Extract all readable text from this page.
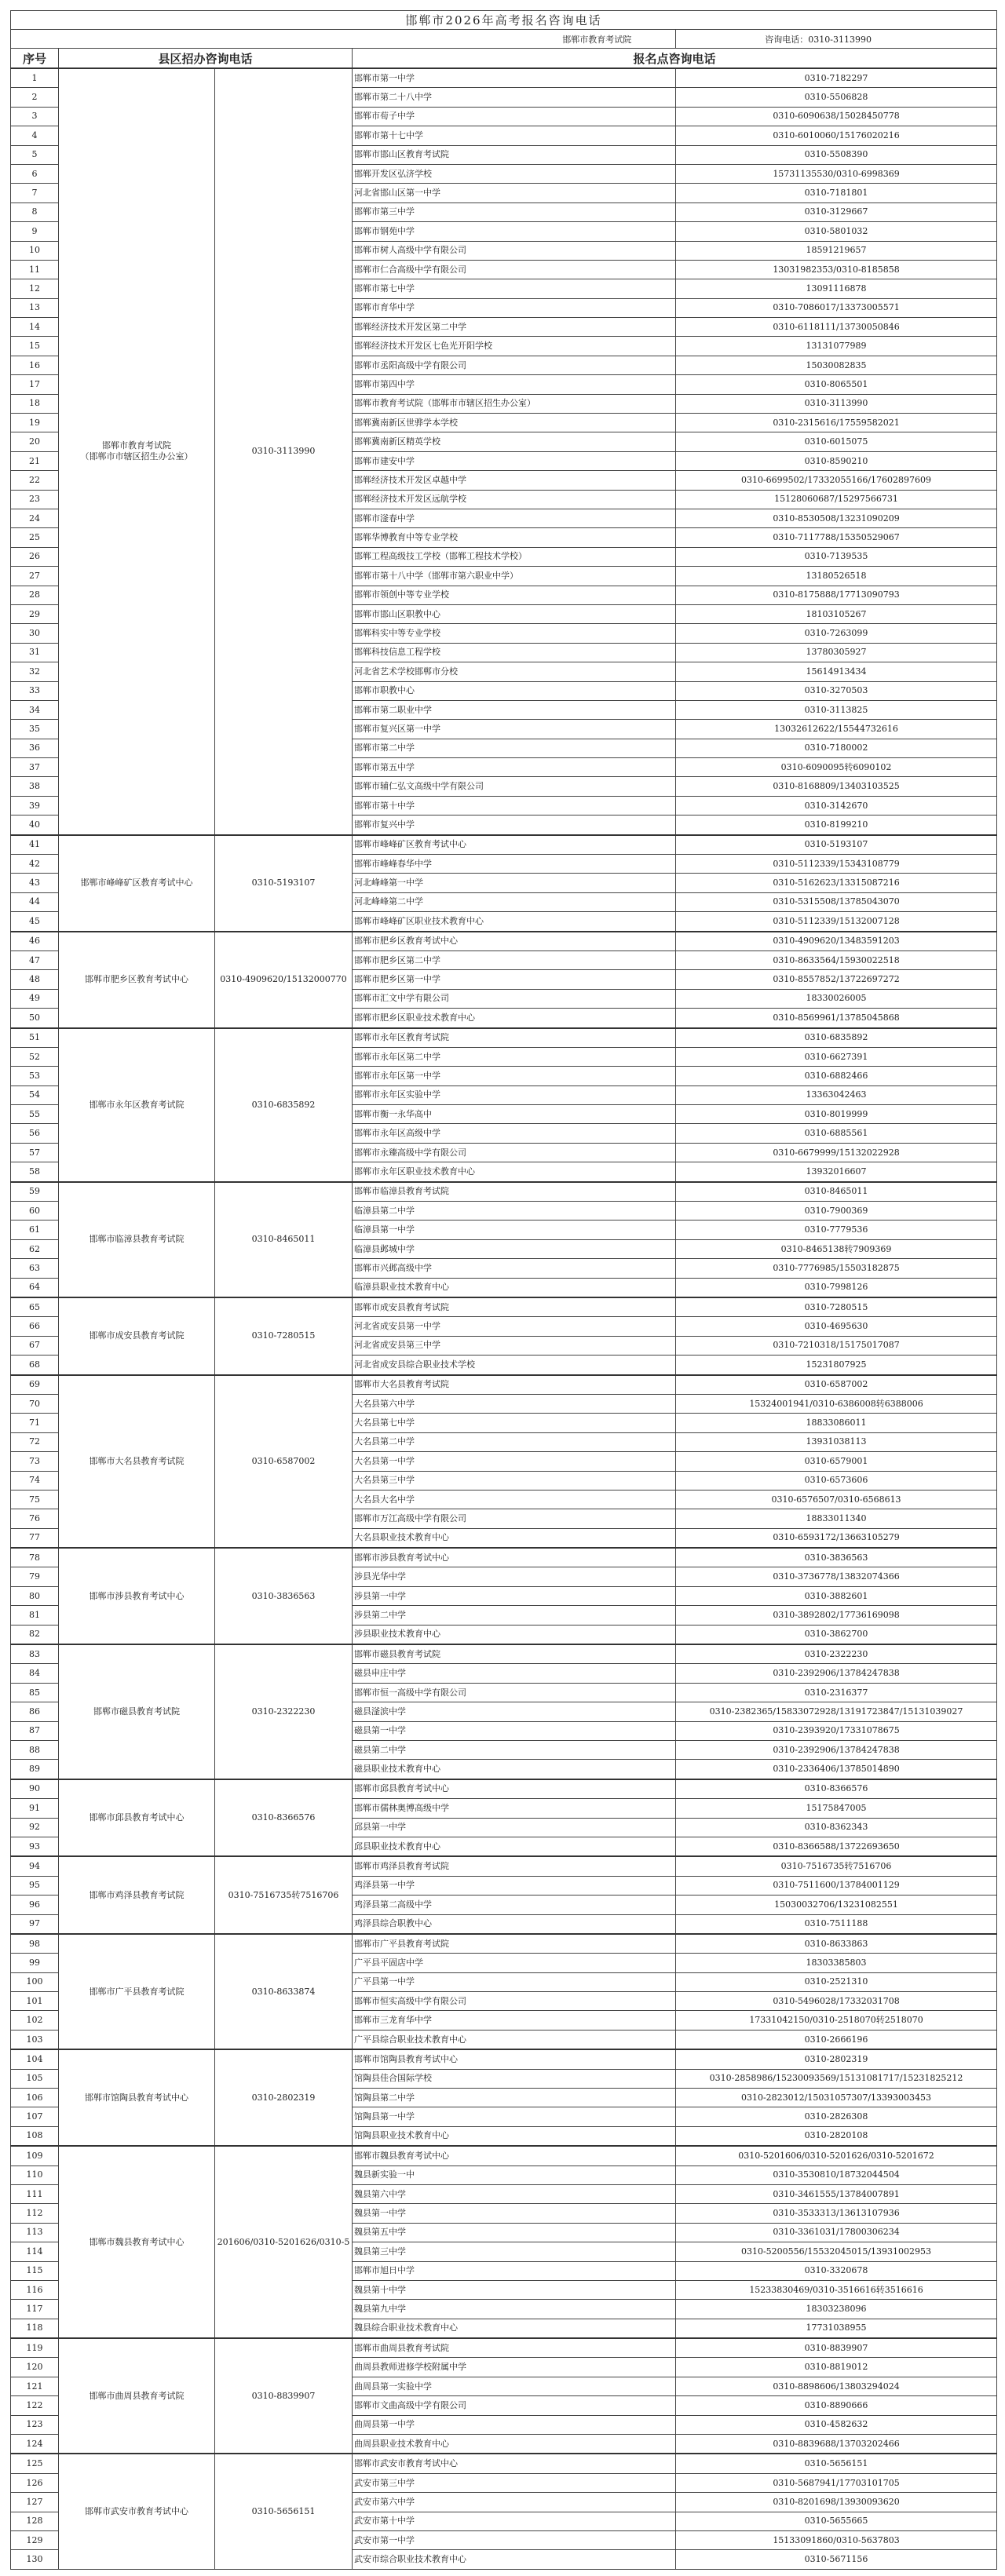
邯郸市2026年高考报名咨询电话				
邯郸市教育考试院 咨询电话：0310-3113990				
序号	县区招办咨询电话		报名点咨询电话	
1	邯郸市教育考试院
（邯郸市市辖区招生办公室）	0310-3113990	邯郸市第一中学	0310-7182297
2			邯郸市第二十八中学	0310-5506828
3			邯郸市荀子中学	0310-6090638/15028450778
4			邯郸市第十七中学	0310-6010060/15176020216
5			邯郸市邯山区教育考试院	0310-5508390
6			邯郸开发区弘济学校	15731135530/0310-6998369
7			河北省邯山区第一中学	0310-7181801
8			邯郸市第三中学	0310-3129667
9			邯郸市钢苑中学	0310-5801032
10			邯郸市树人高级中学有限公司	18591219657
11			邯郸市仁合高级中学有限公司	13031982353/0310-8185858
12			邯郸市第七中学	13091116878
13			邯郸市育华中学	0310-7086017/13373005571
14			邯郸经济技术开发区第二中学	0310-6118111/13730050846
15			邯郸经济技术开发区七色光开阳学校	13131077989
16			邯郸市丞阳高级中学有限公司	15030082835
17			邯郸市第四中学	0310-8065501
18			邯郸市教育考试院（邯郸市市辖区招生办公室）	0310-3113990
19			邯郸冀南新区世骅学本学校	0310-2315616/17559582021
20			邯郸冀南新区精英学校	0310-6015075
21			邯郸市建安中学	0310-8590210
22			邯郸经济技术开发区卓越中学	0310-6699502/17332055166/17602897609
23			邯郸经济技术开发区远航学校	15128060687/15297566731
24			邯郸市滏春中学	0310-8530508/13231090209
25			邯郸华博教育中等专业学校	0310-7117788/15350529067
26			邯郸工程高级技工学校（邯郸工程技术学校）	0310-7139535
27			邯郸市第十八中学（邯郸市第六职业中学）	13180526518
28			邯郸市领创中等专业学校	0310-8175888/17713090793
29			邯郸市邯山区职教中心	18103105267
30			邯郸科实中等专业学校	0310-7263099
31			邯郸科技信息工程学校	13780305927
32			河北省艺术学校邯郸市分校	15614913434
33			邯郸市职教中心	0310-3270503
34			邯郸市第二职业中学	0310-3113825
35			邯郸市复兴区第一中学	13032612622/15544732616
36			邯郸市第二中学	0310-7180002
37			邯郸市第五中学	0310-6090095转6090102
38			邯郸市辅仁弘文高级中学有限公司	0310-8168809/13403103525
39			邯郸市第十中学	0310-3142670
40			邯郸市复兴中学	0310-8199210
41	邯郸市峰峰矿区教育考试中心	0310-5193107	邯郸市峰峰矿区教育考试中心	0310-5193107
42			邯郸市峰峰春华中学	0310-5112339/15343108779
43			河北峰峰第一中学	0310-5162623/13315087216
44			河北峰峰第二中学	0310-5315508/13785043070
45			邯郸市峰峰矿区职业技术教育中心	0310-5112339/15132007128
46	邯郸市肥乡区教育考试中心	0310-4909620/15132000770	邯郸市肥乡区教育考试中心	0310-4909620/13483591203
47			邯郸市肥乡区第二中学	0310-8633564/15930022518
48			邯郸市肥乡区第一中学	0310-8557852/13722697272
49			邯郸市汇文中学有限公司	18330026005
50			邯郸市肥乡区职业技术教育中心	0310-8569961/13785045868
51	邯郸市永年区教育考试院	0310-6835892	邯郸市永年区教育考试院	0310-6835892
52			邯郸市永年区第二中学	0310-6627391
53			邯郸市永年区第一中学	0310-6882466
54			邯郸市永年区实验中学	13363042463
55			邯郸市衡一永华高中	0310-8019999
56			邯郸市永年区高级中学	0310-6885561
57			邯郸市永臻高级中学有限公司	0310-6679999/15132022928
58			邯郸市永年区职业技术教育中心	13932016607
59	邯郸市临漳县教育考试院	0310-8465011	邯郸市临漳县教育考试院	0310-8465011
60			临漳县第二中学	0310-7900369
61			临漳县第一中学	0310-7779536
62			临漳县邺城中学	0310-8465138转7909369
63			邯郸市兴邺高级中学	0310-7776985/15503182875
64			临漳县职业技术教育中心	0310-7998126
65	邯郸市成安县教育考试院	0310-7280515	邯郸市成安县教育考试院	0310-7280515
66			河北省成安县第一中学	0310-4695630
67			河北省成安县第三中学	0310-7210318/15175017087
68			河北省成安县综合职业技术学校	15231807925
69	邯郸市大名县教育考试院	0310-6587002	邯郸市大名县教育考试院	0310-6587002
70			大名县第六中学	15324001941/0310-6386008转6388006
71			大名县第七中学	18833086011
72			大名县第二中学	13931038113
73			大名县第一中学	0310-6579001
74			大名县第三中学	0310-6573606
75			大名县大名中学	0310-6576507/0310-6568613
76			邯郸市万江高级中学有限公司	18833011340
77			大名县职业技术教育中心	0310-6593172/13663105279
78	邯郸市涉县教育考试中心	0310-3836563	邯郸市涉县教育考试中心	0310-3836563
79			涉县光华中学	0310-3736778/13832074366
80			涉县第一中学	0310-3882601
81			涉县第二中学	0310-3892802/17736169098
82			涉县职业技术教育中心	0310-3862700
83	邯郸市磁县教育考试院	0310-2322230	邯郸市磁县教育考试院	0310-2322230
84			磁县申庄中学	0310-2392906/13784247838
85			邯郸市恒一高级中学有限公司	0310-2316377
86			磁县滏滨中学	0310-2382365/15833072928/13191723847/15131039027
87			磁县第一中学	0310-2393920/17331078675
88			磁县第二中学	0310-2392906/13784247838
89			磁县职业技术教育中心	0310-2336406/13785014890
90	邯郸市邱县教育考试中心	0310-8366576	邯郸市邱县教育考试中心	0310-8366576
91			邯郸市儒林奥博高级中学	15175847005
92			邱县第一中学	0310-8362343
93			邱县职业技术教育中心	0310-8366588/13722693650
94	邯郸市鸡泽县教育考试院	0310-7516735转7516706	邯郸市鸡泽县教育考试院	0310-7516735转7516706
95			鸡泽县第一中学	0310-7511600/13784001129
96			鸡泽县第二高级中学	15030032706/13231082551
97			鸡泽县综合职教中心	0310-7511188
98	邯郸市广平县教育考试院	0310-8633874	邯郸市广平县教育考试院	0310-8633863
99			广平县平固店中学	18303385803
100			广平县第一中学	0310-2521310
101			邯郸市恒实高级中学有限公司	0310-5496028/17332031708
102			邯郸市三龙育华中学	17331042150/0310-2518070转2518070
103			广平县综合职业技术教育中心	0310-2666196
104	邯郸市馆陶县教育考试中心	0310-2802319	邯郸市馆陶县教育考试中心	0310-2802319
105			馆陶县佳合国际学校	0310-2858986/15230093569/15131081717/15231825212
106			馆陶县第二中学	0310-2823012/15031057307/13393003453
107			馆陶县第一中学	0310-2826308
108			馆陶县职业技术教育中心	0310-2820108
109	邯郸市魏县教育考试中心	201606/0310-5201626/0310-5	邯郸市魏县教育考试中心	0310-5201606/0310-5201626/0310-5201672
110			魏县新实验一中	0310-3530810/18732044504
111			魏县第六中学	0310-3461555/13784007891
112			魏县第一中学	0310-3533313/13613107936
113			魏县第五中学	0310-3361031/17800306234
114			魏县第三中学	0310-5200556/15532045015/13931002953
115			邯郸市旭日中学	0310-3320678
116			魏县第十中学	15233830469/0310-3516616转3516616
117			魏县第九中学	18303238096
118			魏县综合职业技术教育中心	17731038955
119	邯郸市曲周县教育考试院	0310-8839907	邯郸市曲周县教育考试院	0310-8839907
120			曲周县教师进修学校附属中学	0310-8819012
121			曲周县第一实验中学	0310-8898606/13803294024
122			邯郸市文曲高级中学有限公司	0310-8890666
123			曲周县第一中学	0310-4582632
124			曲周县职业技术教育中心	0310-8839688/13703202466
125	邯郸市武安市教育考试中心	0310-5656151	邯郸市武安市教育考试中心	0310-5656151
126			武安市第三中学	0310-5687941/17703101705
127			武安市第六中学	0310-8201698/13930093620
128			武安市第十中学	0310-5655665
129			武安市第一中学	15133091860/0310-5637803
130			武安市综合职业技术教育中心	0310-5671156
